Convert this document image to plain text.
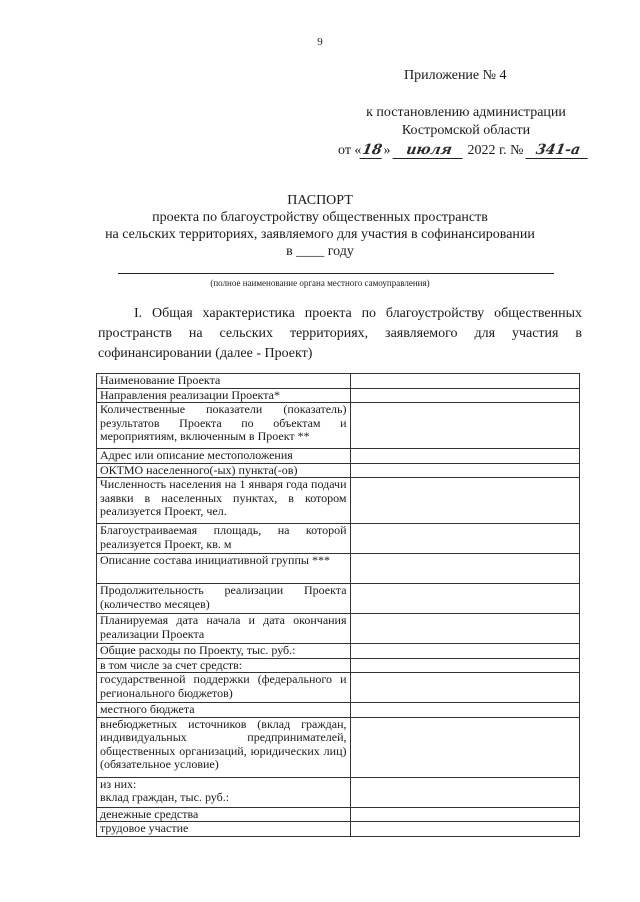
9
Приложение № 4
к постановлению администрации
Костромской области
от «18» июля 2022 г. № 341-а
ПАСПОРТ
проекта по благоустройству общественных пространств
на сельских территориях, заявляемого для участия в софинансировании
в ____ году
(полное наименование органа местного самоуправления)
I. Общая характеристика проекта по благоустройству общественных пространств на сельских территориях, заявляемого для участия в софинансировании (далее - Проект)
Наименование Проекта	
Направления реализации Проекта*	
Количественные показатели (показатель) результатов Проекта по объектам и мероприятиям, включенным в Проект **	
Адрес или описание местоположения	
ОКТМО населенного(-ых) пункта(-ов)	
Численность населения на 1 января года подачи заявки в населенных пунктах, в котором реализуется Проект, чел.	
Благоустраиваемая площадь, на которой реализуется Проект, кв. м	
Описание состава инициативной группы ***	
Продолжительность реализации Проекта (количество месяцев)	
Планируемая дата начала и дата окончания реализации Проекта	
Общие расходы по Проекту, тыс. руб.:	
в том числе за счет средств:	
государственной поддержки (федерального и регионального бюджетов)	
местного бюджета	
внебюджетных источников (вклад граждан, индивидуальных предпринимателей, общественных организаций, юридических лиц) (обязательное условие)	

из них:
вклад граждан, тыс. руб.:	

денежные средства	
трудовое участие	
